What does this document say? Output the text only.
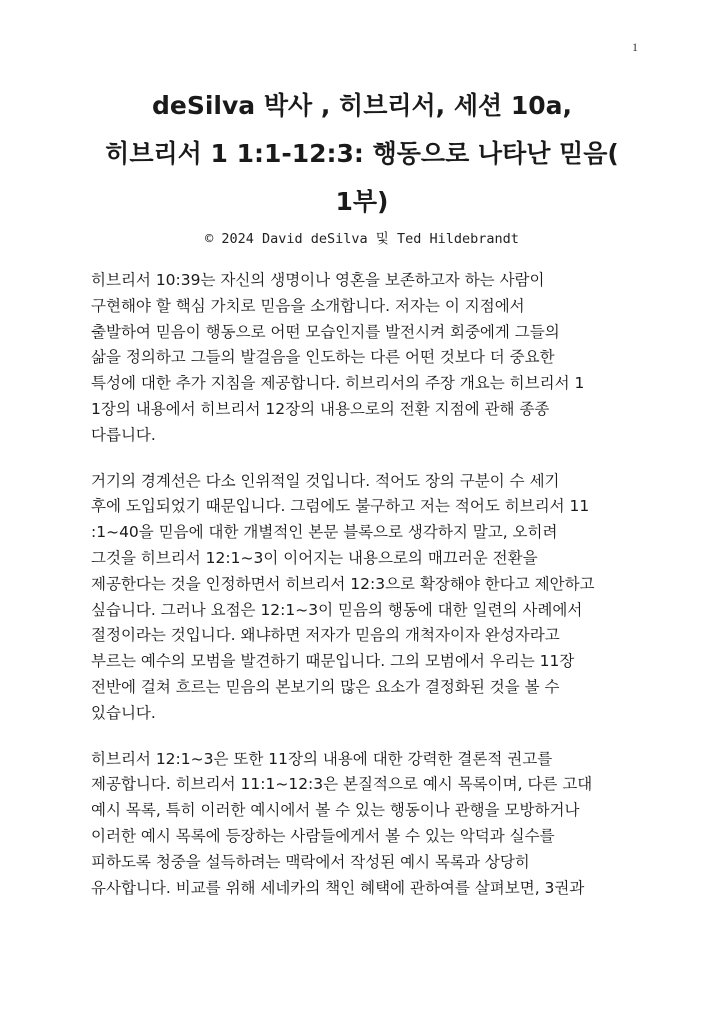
1
deSilva 박사 , 히브리서, 세션 10a,
히브리서 1 1:1-12:3: 행동으로 나타난 믿음(
1부)
© 2024 David deSilva 및 Ted Hildebrandt
히브리서 10:39는 자신의 생명이나 영혼을 보존하고자 하는 사람이
구현해야 할 핵심 가치로 믿음을 소개합니다. 저자는 이 지점에서
출발하여 믿음이 행동으로 어떤 모습인지를 발전시켜 회중에게 그들의
삶을 정의하고 그들의 발걸음을 인도하는 다른 어떤 것보다 더 중요한
특성에 대한 추가 지침을 제공합니다. 히브리서의 주장 개요는 히브리서 1
1장의 내용에서 히브리서 12장의 내용으로의 전환 지점에 관해 종종
다릅니다.
거기의 경계선은 다소 인위적일 것입니다. 적어도 장의 구분이 수 세기
후에 도입되었기 때문입니다. 그럼에도 불구하고 저는 적어도 히브리서 11
:1~40을 믿음에 대한 개별적인 본문 블록으로 생각하지 말고, 오히려
그것을 히브리서 12:1~3이 이어지는 내용으로의 매끄러운 전환을
제공한다는 것을 인정하면서 히브리서 12:3으로 확장해야 한다고 제안하고
싶습니다. 그러나 요점은 12:1~3이 믿음의 행동에 대한 일련의 사례에서
절정이라는 것입니다. 왜냐하면 저자가 믿음의 개척자이자 완성자라고
부르는 예수의 모범을 발견하기 때문입니다. 그의 모범에서 우리는 11장
전반에 걸쳐 흐르는 믿음의 본보기의 많은 요소가 결정화된 것을 볼 수
있습니다.
히브리서 12:1~3은 또한 11장의 내용에 대한 강력한 결론적 권고를
제공합니다. 히브리서 11:1~12:3은 본질적으로 예시 목록이며, 다른 고대
예시 목록, 특히 이러한 예시에서 볼 수 있는 행동이나 관행을 모방하거나
이러한 예시 목록에 등장하는 사람들에게서 볼 수 있는 악덕과 실수를
피하도록 청중을 설득하려는 맥락에서 작성된 예시 목록과 상당히
유사합니다. 비교를 위해 세네카의 책인 혜택에 관하여를 살펴보면, 3권과
